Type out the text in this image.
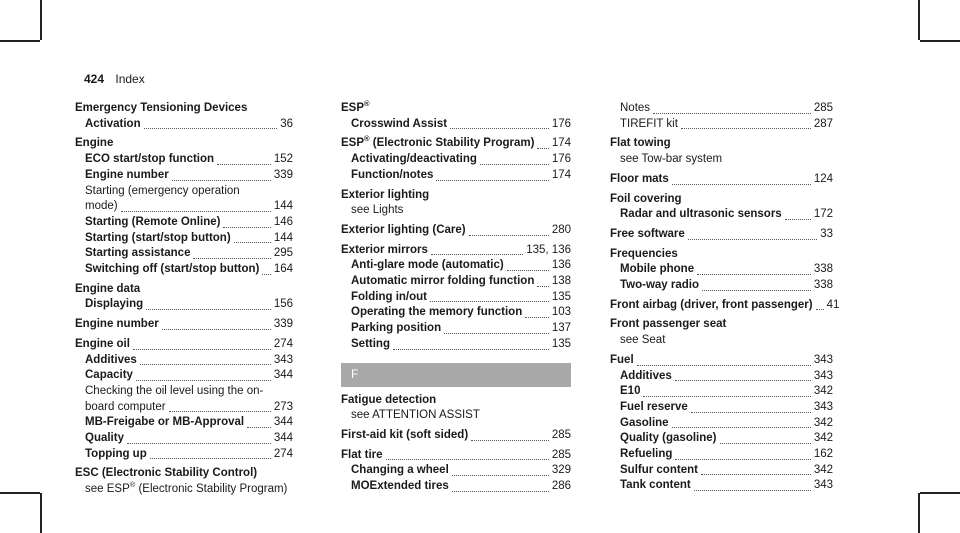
424 Index
Emergency Tensioning Devices
Activation	36
Engine
ECO start/stop function	152
Engine number	339
Starting (emergency operation
mode)	144
Starting (Remote Online)	146
Starting (start/stop button)	144
Starting assistance	295
Switching off (start/stop button) 164
Engine data
Displaying	156
Engine number	339
Engine oil	274
Additives	343
Capacity	344
Checking the oil level using the on-
board computer	273
MB-Freigabe or MB-Approval	344
Quality	344
Topping up	274
ESC (Electronic Stability Control)
see ESP® (Electronic Stability Program)
ESP®
Crosswind Assist	176
ESP® (Electronic Stability Program) 174
Activating/deactivating	176
Function/notes	174
Exterior lighting
see Lights
Exterior lighting (Care)	280
Exterior mirrors	135, 136
Anti-glare mode (automatic)	136
Automatic mirror folding function 138
Folding in/out	135
Operating the memory function	103
Parking position	137
Setting	135
F
Fatigue detection
see ATTENTION ASSIST
First-aid kit (soft sided)	285
Flat tire	285
Changing a wheel	329
MOExtended tires	286
Notes	285
TIREFIT kit	287
Flat towing
see Tow-bar system
Floor mats	124
Foil covering
Radar and ultrasonic sensors	172
Free software	33
Frequencies
Mobile phone	338
Two-way radio	338
Front airbag (driver, front passenger) 41
Front passenger seat
see Seat
Fuel	343
Additives	343
E10	342
Fuel reserve	343
Gasoline	342
Quality (gasoline)	342
Refueling	162
Sulfur content	342
Tank content	343
